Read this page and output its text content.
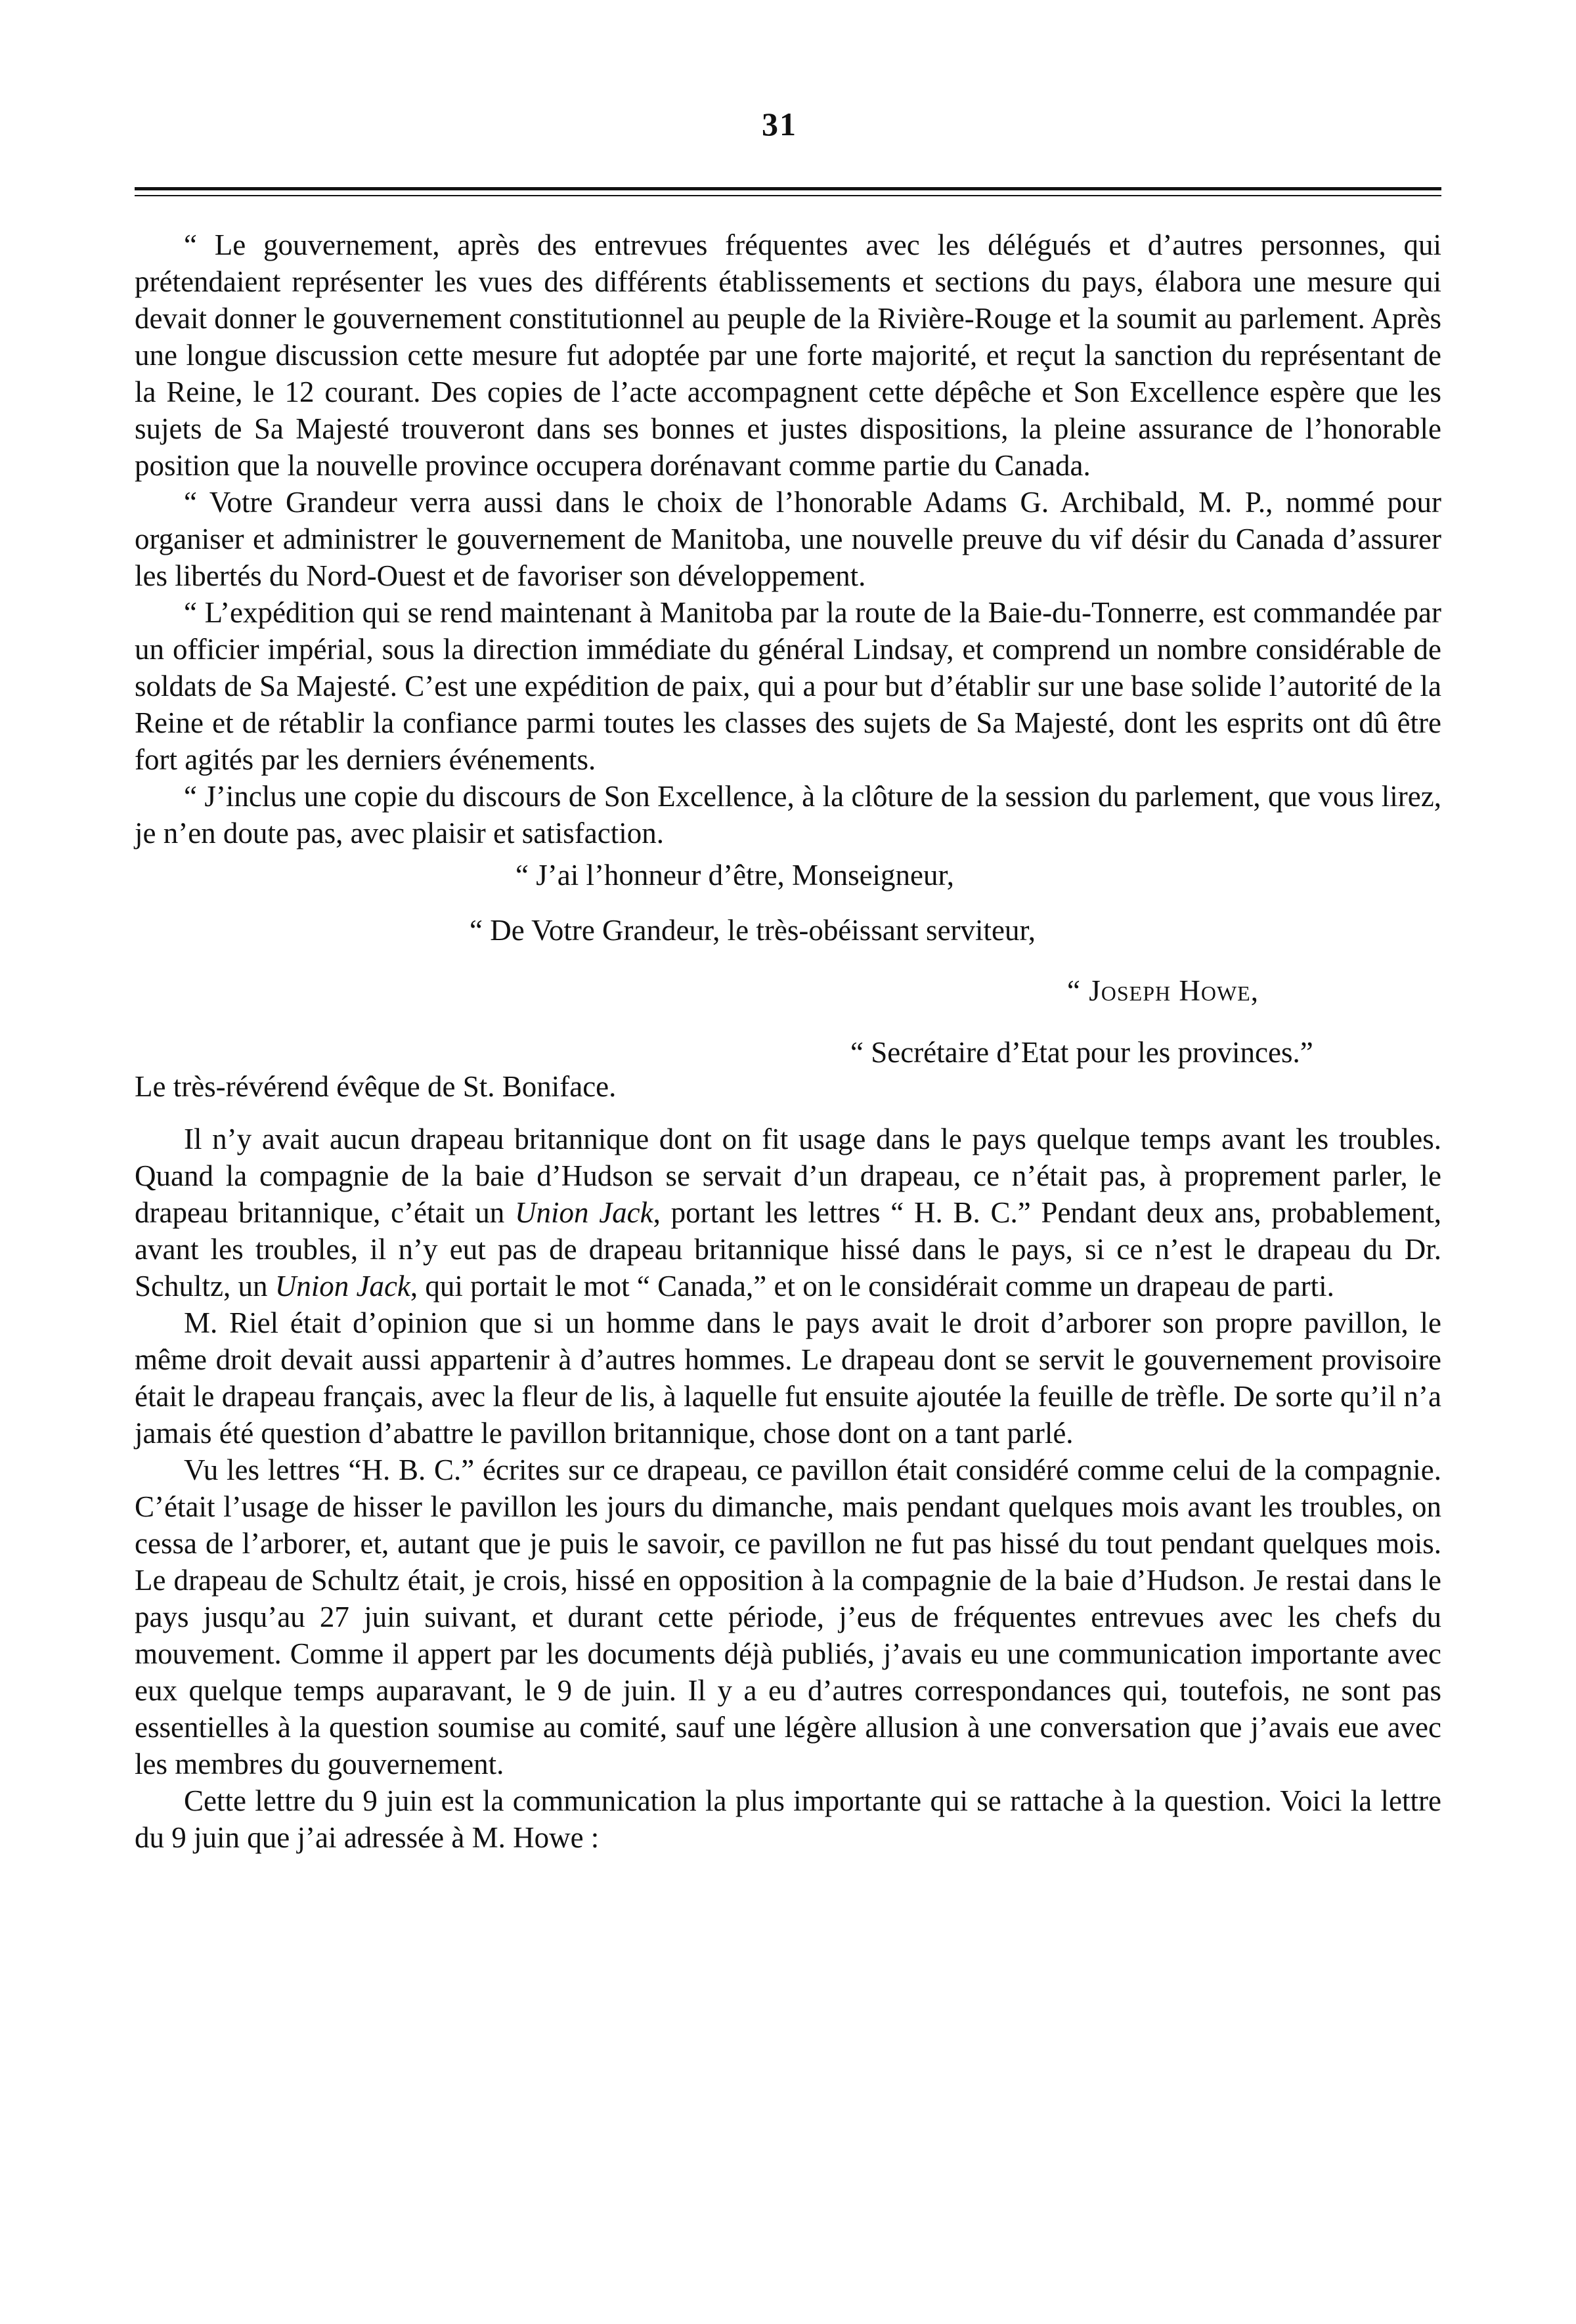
31

“ Le gouvernement, après des entrevues fréquentes avec les délégués et d’autres personnes, qui prétendaient représenter les vues des différents établissements et sections du pays, élabora une mesure qui devait donner le gouvernement constitutionnel au peuple de la Rivière-Rouge et la soumit au parlement. Après une longue discussion cette mesure fut adoptée par une forte majorité, et reçut la sanction du représentant de la Reine, le 12 courant. Des copies de l’acte accompagnent cette dépêche et Son Excellence espère que les sujets de Sa Majesté trouveront dans ses bonnes et justes dispositions, la pleine assurance de l’honorable position que la nouvelle province occupera dorénavant comme partie du Canada.

“ Votre Grandeur verra aussi dans le choix de l’honorable Adams G. Archibald, M. P., nommé pour organiser et administrer le gouvernement de Manitoba, une nouvelle preuve du vif désir du Canada d’assurer les libertés du Nord-Ouest et de favoriser son développement.

“ L’expédition qui se rend maintenant à Manitoba par la route de la Baie-du-Tonnerre, est commandée par un officier impérial, sous la direction immédiate du général Lindsay, et comprend un nombre considérable de soldats de Sa Majesté. C’est une expédition de paix, qui a pour but d’établir sur une base solide l’autorité de la Reine et de rétablir la confiance parmi toutes les classes des sujets de Sa Majesté, dont les esprits ont dû être fort agités par les derniers événements.

“ J’inclus une copie du discours de Son Excellence, à la clôture de la session du parlement, que vous lirez, je n’en doute pas, avec plaisir et satisfaction.

“ J’ai l’honneur d’être, Monseigneur,
“ De Votre Grandeur, le très-obéissant serviteur,
“ Joseph Howe,
“ Secrétaire d’Etat pour les provinces.”
Le très-révérend évêque de St. Boniface.

Il n’y avait aucun drapeau britannique dont on fit usage dans le pays quelque temps avant les troubles. Quand la compagnie de la baie d’Hudson se servait d’un drapeau, ce n’était pas, à proprement parler, le drapeau britannique, c’était un Union Jack, portant les lettres “ H. B. C.” Pendant deux ans, probablement, avant les troubles, il n’y eut pas de drapeau britannique hissé dans le pays, si ce n’est le drapeau du Dr. Schultz, un Union Jack, qui portait le mot “ Canada,” et on le considérait comme un drapeau de parti.

M. Riel était d’opinion que si un homme dans le pays avait le droit d’arborer son propre pavillon, le même droit devait aussi appartenir à d’autres hommes. Le drapeau dont se servit le gouvernement provisoire était le drapeau français, avec la fleur de lis, à laquelle fut ensuite ajoutée la feuille de trèfle. De sorte qu’il n’a jamais été question d’abattre le pavillon britannique, chose dont on a tant parlé.

Vu les lettres “H. B. C.” écrites sur ce drapeau, ce pavillon était considéré comme celui de la compagnie. C’était l’usage de hisser le pavillon les jours du dimanche, mais pendant quelques mois avant les troubles, on cessa de l’arborer, et, autant que je puis le savoir, ce pavillon ne fut pas hissé du tout pendant quelques mois. Le drapeau de Schultz était, je crois, hissé en opposition à la compagnie de la baie d’Hudson. Je restai dans le pays jusqu’au 27 juin suivant, et durant cette période, j’eus de fréquentes entrevues avec les chefs du mouvement. Comme il appert par les documents déjà publiés, j’avais eu une communication importante avec eux quelque temps auparavant, le 9 de juin. Il y a eu d’autres correspondances qui, toutefois, ne sont pas essentielles à la question soumise au comité, sauf une légère allusion à une conversation que j’avais eue avec les membres du gouvernement.

Cette lettre du 9 juin est la communication la plus importante qui se rattache à la question. Voici la lettre du 9 juin que j’ai adressée à M. Howe :
